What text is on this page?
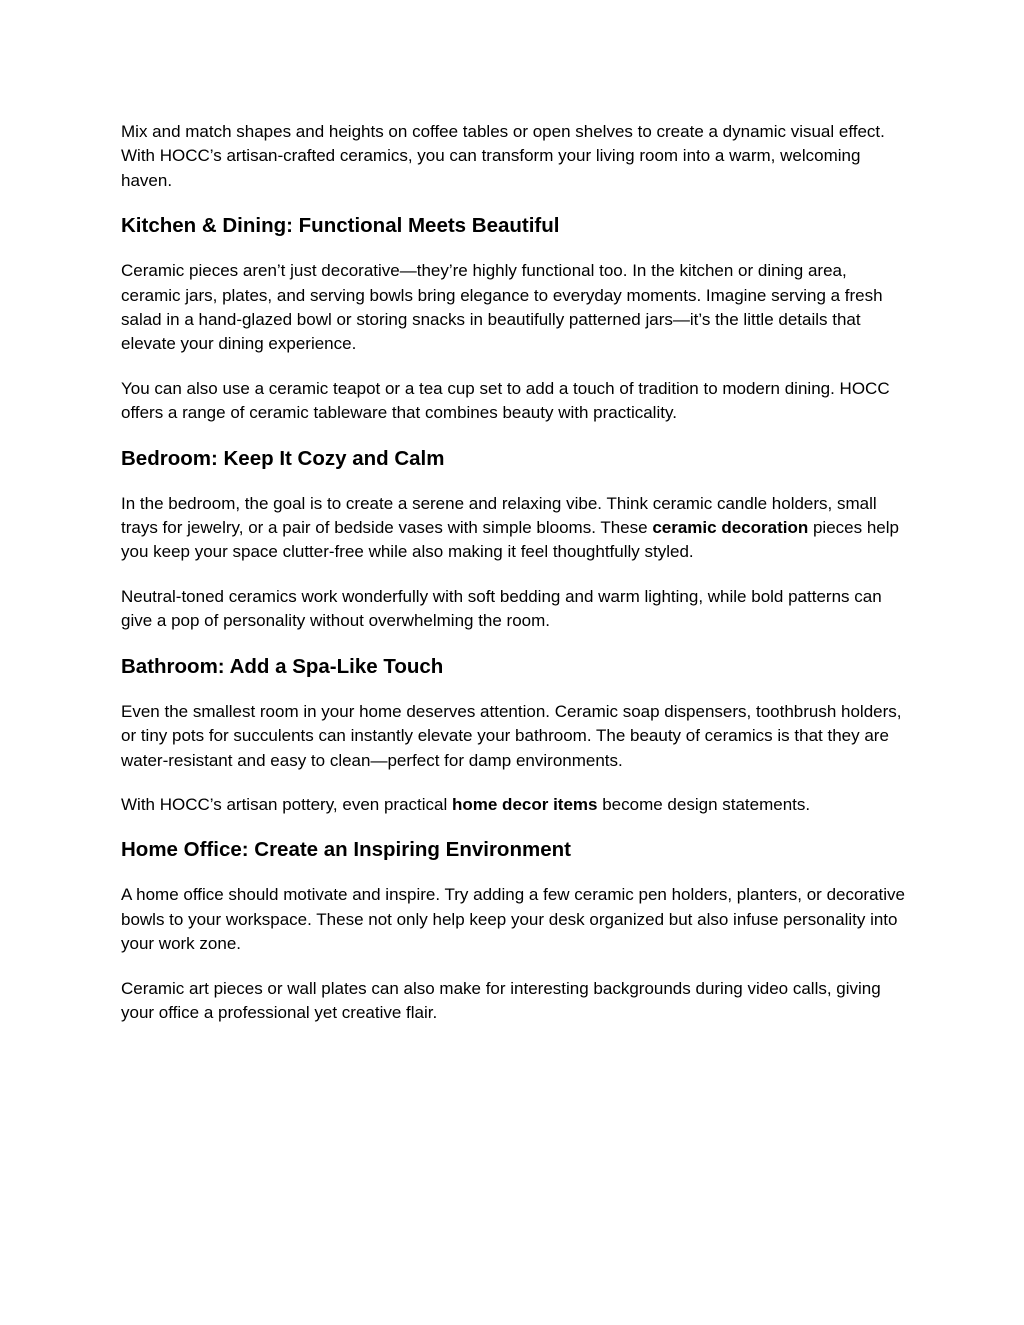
Mix and match shapes and heights on coffee tables or open shelves to create a dynamic visual effect. With HOCC’s artisan-crafted ceramics, you can transform your living room into a warm, welcoming haven.

Kitchen & Dining: Functional Meets Beautiful

Ceramic pieces aren’t just decorative—they’re highly functional too. In the kitchen or dining area, ceramic jars, plates, and serving bowls bring elegance to everyday moments. Imagine serving a fresh salad in a hand-glazed bowl or storing snacks in beautifully patterned jars—it’s the little details that elevate your dining experience.

You can also use a ceramic teapot or a tea cup set to add a touch of tradition to modern dining. HOCC offers a range of ceramic tableware that combines beauty with practicality.

Bedroom: Keep It Cozy and Calm

In the bedroom, the goal is to create a serene and relaxing vibe. Think ceramic candle holders, small trays for jewelry, or a pair of bedside vases with simple blooms. These ceramic decoration pieces help you keep your space clutter-free while also making it feel thoughtfully styled.

Neutral-toned ceramics work wonderfully with soft bedding and warm lighting, while bold patterns can give a pop of personality without overwhelming the room.

Bathroom: Add a Spa-Like Touch

Even the smallest room in your home deserves attention. Ceramic soap dispensers, toothbrush holders, or tiny pots for succulents can instantly elevate your bathroom. The beauty of ceramics is that they are water-resistant and easy to clean—perfect for damp environments.

With HOCC’s artisan pottery, even practical home decor items become design statements.

Home Office: Create an Inspiring Environment

A home office should motivate and inspire. Try adding a few ceramic pen holders, planters, or decorative bowls to your workspace. These not only help keep your desk organized but also infuse personality into your work zone.

Ceramic art pieces or wall plates can also make for interesting backgrounds during video calls, giving your office a professional yet creative flair.
